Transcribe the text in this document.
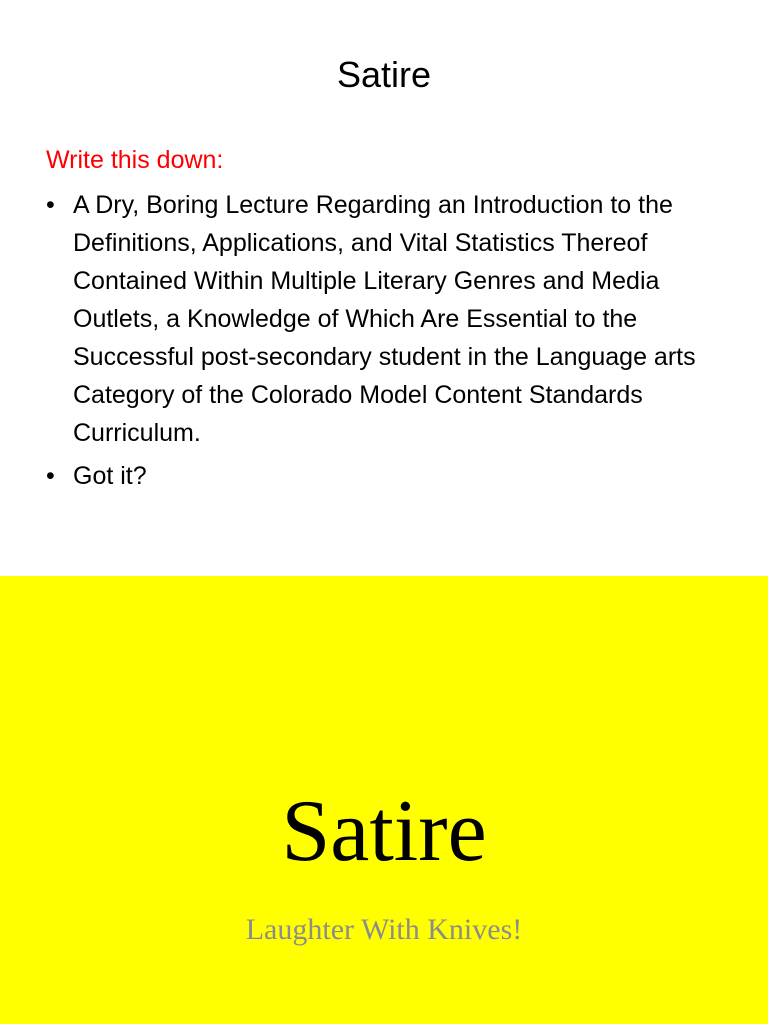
Satire
Write this down:
• A Dry, Boring Lecture Regarding an Introduction to the Definitions, Applications, and Vital Statistics Thereof Contained Within Multiple Literary Genres and Media Outlets, a Knowledge of Which Are Essential to the Successful post-secondary student in the Language arts Category of the Colorado Model Content Standards Curriculum.
• Got it?
Satire
Laughter With Knives!
